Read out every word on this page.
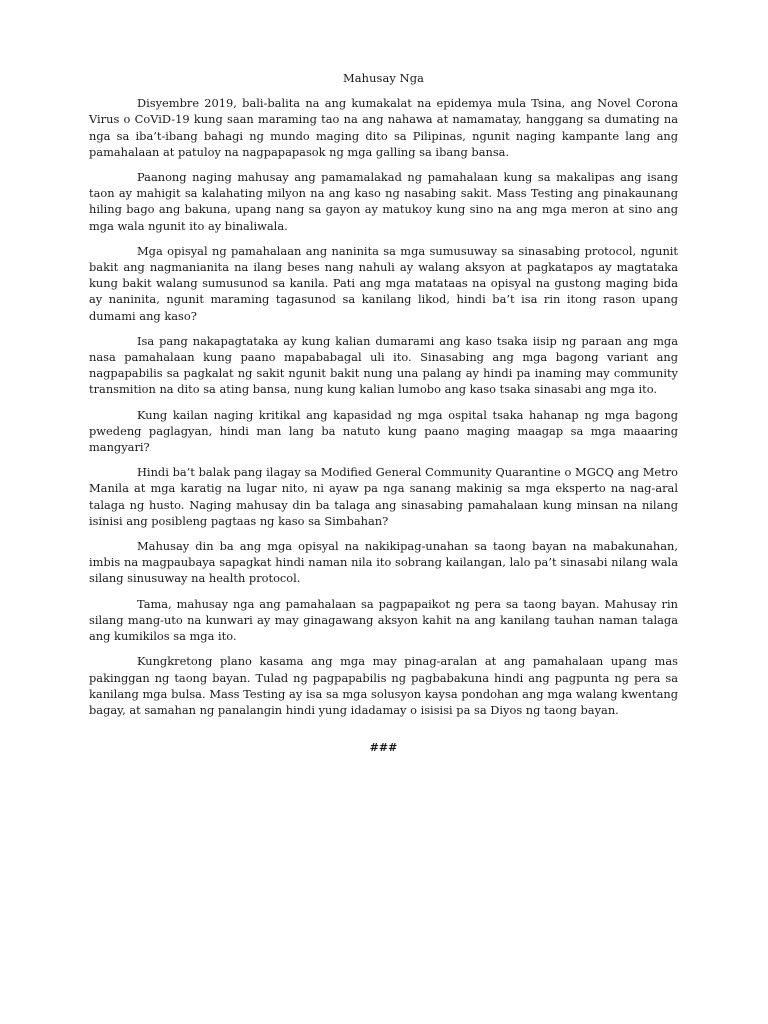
Mahusay Nga

Disyembre 2019, bali-balita na ang kumakalat na epidemya mula Tsina, ang Novel Corona Virus o CoViD-19 kung saan maraming tao na ang nahawa at namamatay, hanggang sa dumating na nga sa iba’t-ibang bahagi ng mundo maging dito sa Pilipinas, ngunit naging kampante lang ang pamahalaan at patuloy na nagpapapasok ng mga galling sa ibang bansa.

Paanong naging mahusay ang pamamalakad ng pamahalaan kung sa makalipas ang isang taon ay mahigit sa kalahating milyon na ang kaso ng nasabing sakit. Mass Testing ang pinakaunang hiling bago ang bakuna, upang nang sa gayon ay matukoy kung sino na ang mga meron at sino ang mga wala ngunit ito ay binaliwala.

Mga opisyal ng pamahalaan ang naninita sa mga sumusuway sa sinasabing protocol, ngunit bakit ang nagmanianita na ilang beses nang nahuli ay walang aksyon at pagkatapos ay magtataka kung bakit walang sumusunod sa kanila. Pati ang mga matataas na opisyal na gustong maging bida ay naninita, ngunit maraming tagasunod sa kanilang likod, hindi ba’t isa rin itong rason upang dumami ang kaso?

Isa pang nakapagtataka ay kung kalian dumarami ang kaso tsaka iisip ng paraan ang mga nasa pamahalaan kung paano mapababagal uli ito. Sinasabing ang mga bagong variant ang nagpapabilis sa pagkalat ng sakit ngunit bakit nung una palang ay hindi pa inaming may community transmition na dito sa ating bansa, nung kung kalian lumobo ang kaso tsaka sinasabi ang mga ito.

Kung kailan naging kritikal ang kapasidad ng mga ospital tsaka hahanap ng mga bagong pwedeng paglagyan, hindi man lang ba natuto kung paano maging maagap sa mga maaaring mangyari?

Hindi ba’t balak pang ilagay sa Modified General Community Quarantine o MGCQ ang Metro Manila at mga karatig na lugar nito, ni ayaw pa nga sanang makinig sa mga eksperto na nag-aral talaga ng husto. Naging mahusay din ba talaga ang sinasabing pamahalaan kung minsan na nilang isinisi ang posibleng pagtaas ng kaso sa Simbahan?

Mahusay din ba ang mga opisyal na nakikipag-unahan sa taong bayan na mabakunahan, imbis na magpaubaya sapagkat hindi naman nila ito sobrang kailangan, lalo pa’t sinasabi nilang wala silang sinusuway na health protocol.

Tama, mahusay nga ang pamahalaan sa pagpapaikot ng pera sa taong bayan. Mahusay rin silang mang-uto na kunwari ay may ginagawang aksyon kahit na ang kanilang tauhan naman talaga ang kumikilos sa mga ito.

Kungkretong plano kasama ang mga may pinag-aralan at ang pamahalaan upang mas pakinggan ng taong bayan. Tulad ng pagpapabilis ng pagbabakuna hindi ang pagpunta ng pera sa kanilang mga bulsa. Mass Testing ay isa sa mga solusyon kaysa pondohan ang mga walang kwentang bagay, at samahan ng panalangin hindi yung idadamay o isisisi pa sa Diyos ng taong bayan.

###
